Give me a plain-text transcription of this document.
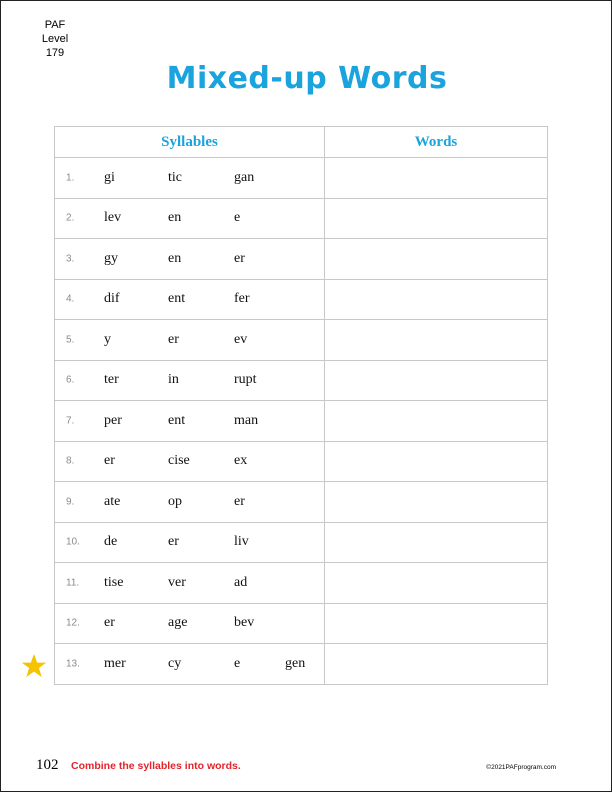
PAF
Level 179
Mixed-up Words
Syllables	Words

1. gi tic gan	

2. lev en e	

3. gy en er	

4. dif ent fer	

5. y er ev	

6. ter in rupt	

7. per ent man	

8. er cise ex	

9. ate op er	

10. de er liv	

11. tise ver ad	

12. er age bev	

13. mer cy e gen	

102 Combine the syllables into words.	©2021PAFprogram.com
